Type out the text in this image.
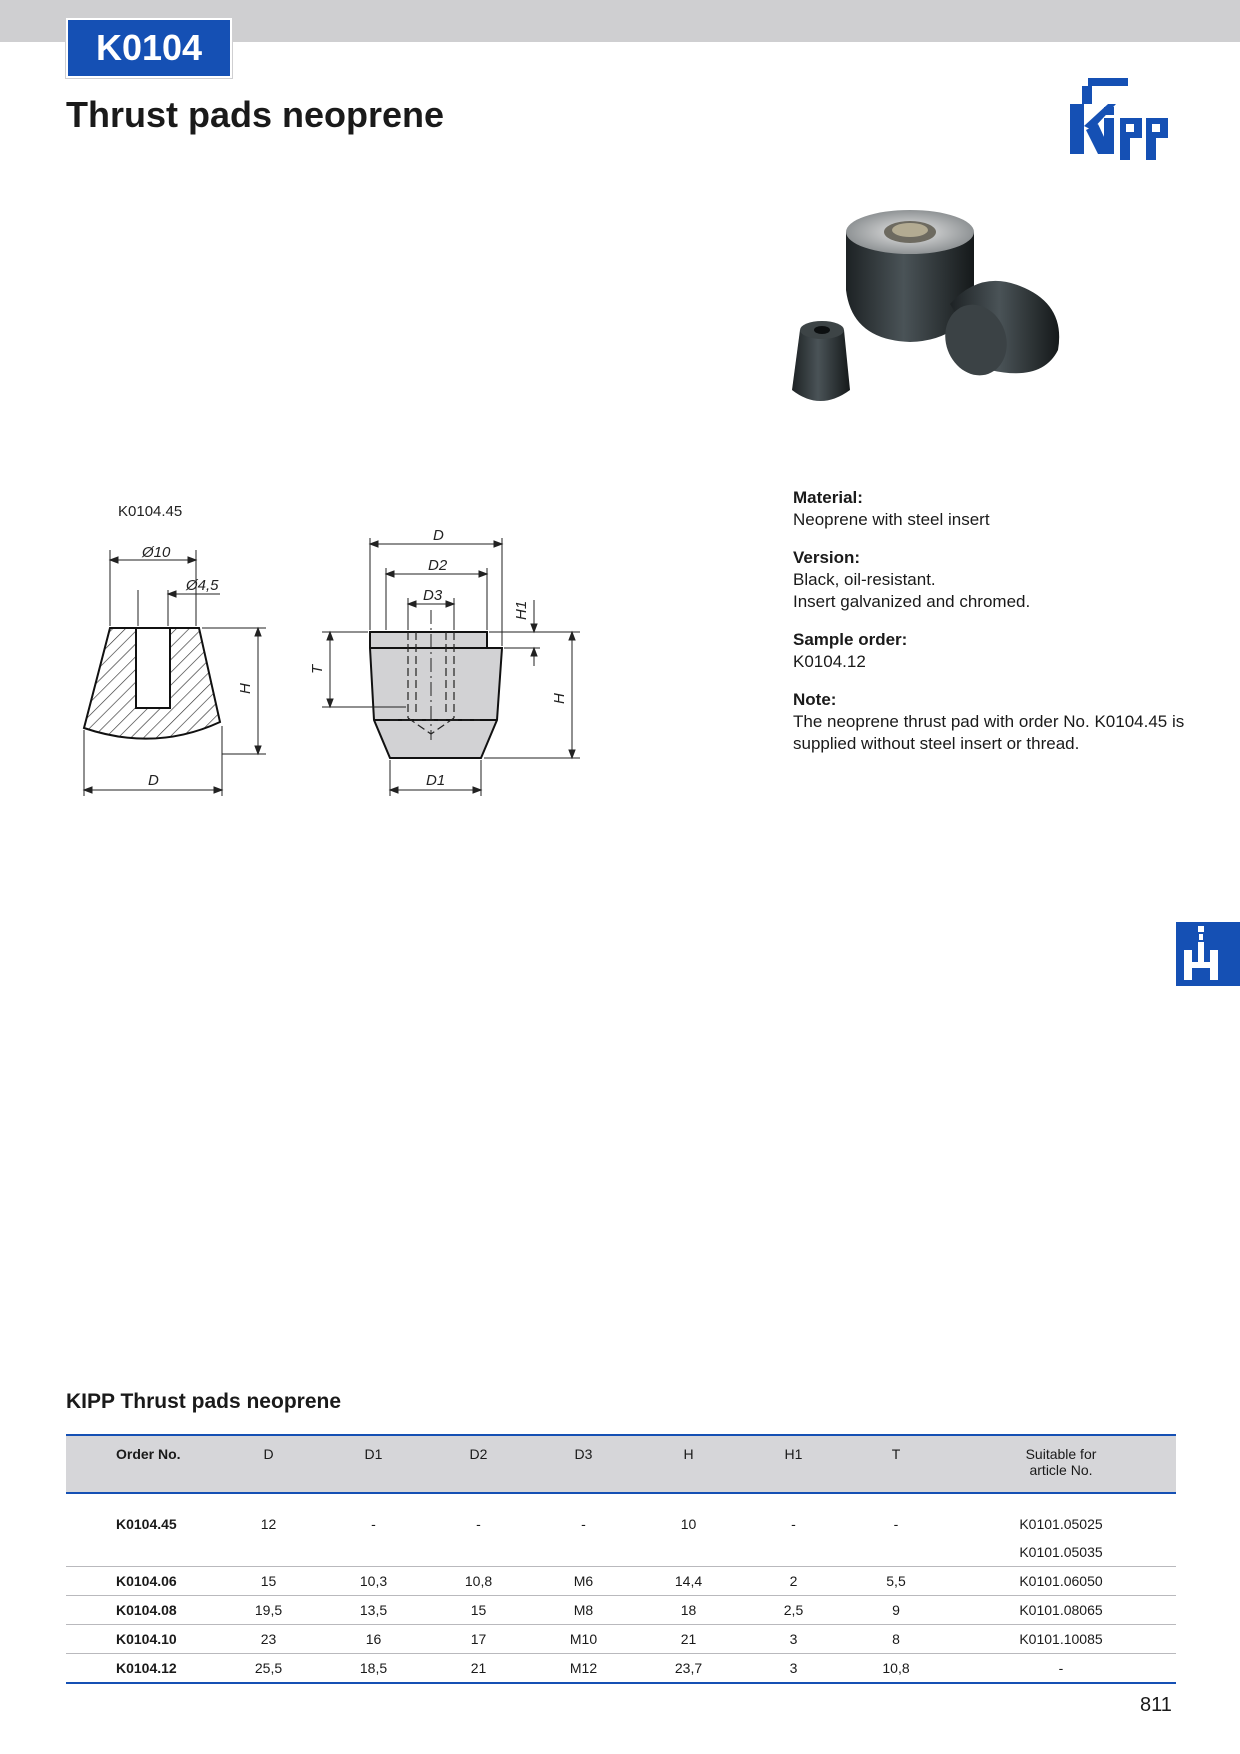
K0104
Thrust pads neoprene
K0104.45
Ø10
Ø4,5
H
D
D
D2
D3
H1
T
H
D1
Material:
Neoprene with steel insert
Version:
Black, oil-resistant.
Insert galvanized and chromed.
Sample order:
K0104.12
Note:
The neoprene thrust pad with order No. K0104.45 is supplied without steel insert or thread.
KIPP Thrust pads neoprene
Order No.	D	D1	D2	D3	H	H1	T	Suitable for
article No.

K0104.45	12	-	-	-	10	-	-	K0101.05025
								K0101.05035
K0104.06	15	10,3	10,8	M6	14,4	2	5,5	K0101.06050
K0104.08	19,5	13,5	15	M8	18	2,5	9	K0101.08065
K0104.10	23	16	17	M10	21	3	8	K0101.10085
K0104.12	25,5	18,5	21	M12	23,7	3	10,8	-
811
